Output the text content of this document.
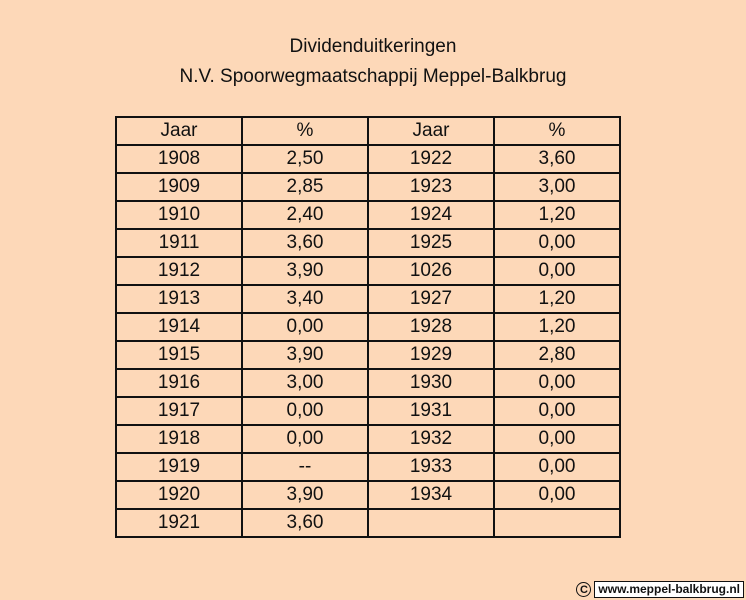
Dividenduitkeringen
N.V. Spoorwegmaatschappij Meppel-Balkbrug
Jaar	%	Jaar	%
1908	2,50	1922	3,60
1909	2,85	1923	3,00
1910	2,40	1924	1,20
1911	3,60	1925	0,00
1912	3,90	1026	0,00
1913	3,40	1927	1,20
1914	0,00	1928	1,20
1915	3,90	1929	2,80
1916	3,00	1930	0,00
1917	0,00	1931	0,00
1918	0,00	1932	0,00
1919	--	1933	0,00
1920	3,90	1934	0,00
1921	3,60		
C www.meppel-balkbrug.nl
